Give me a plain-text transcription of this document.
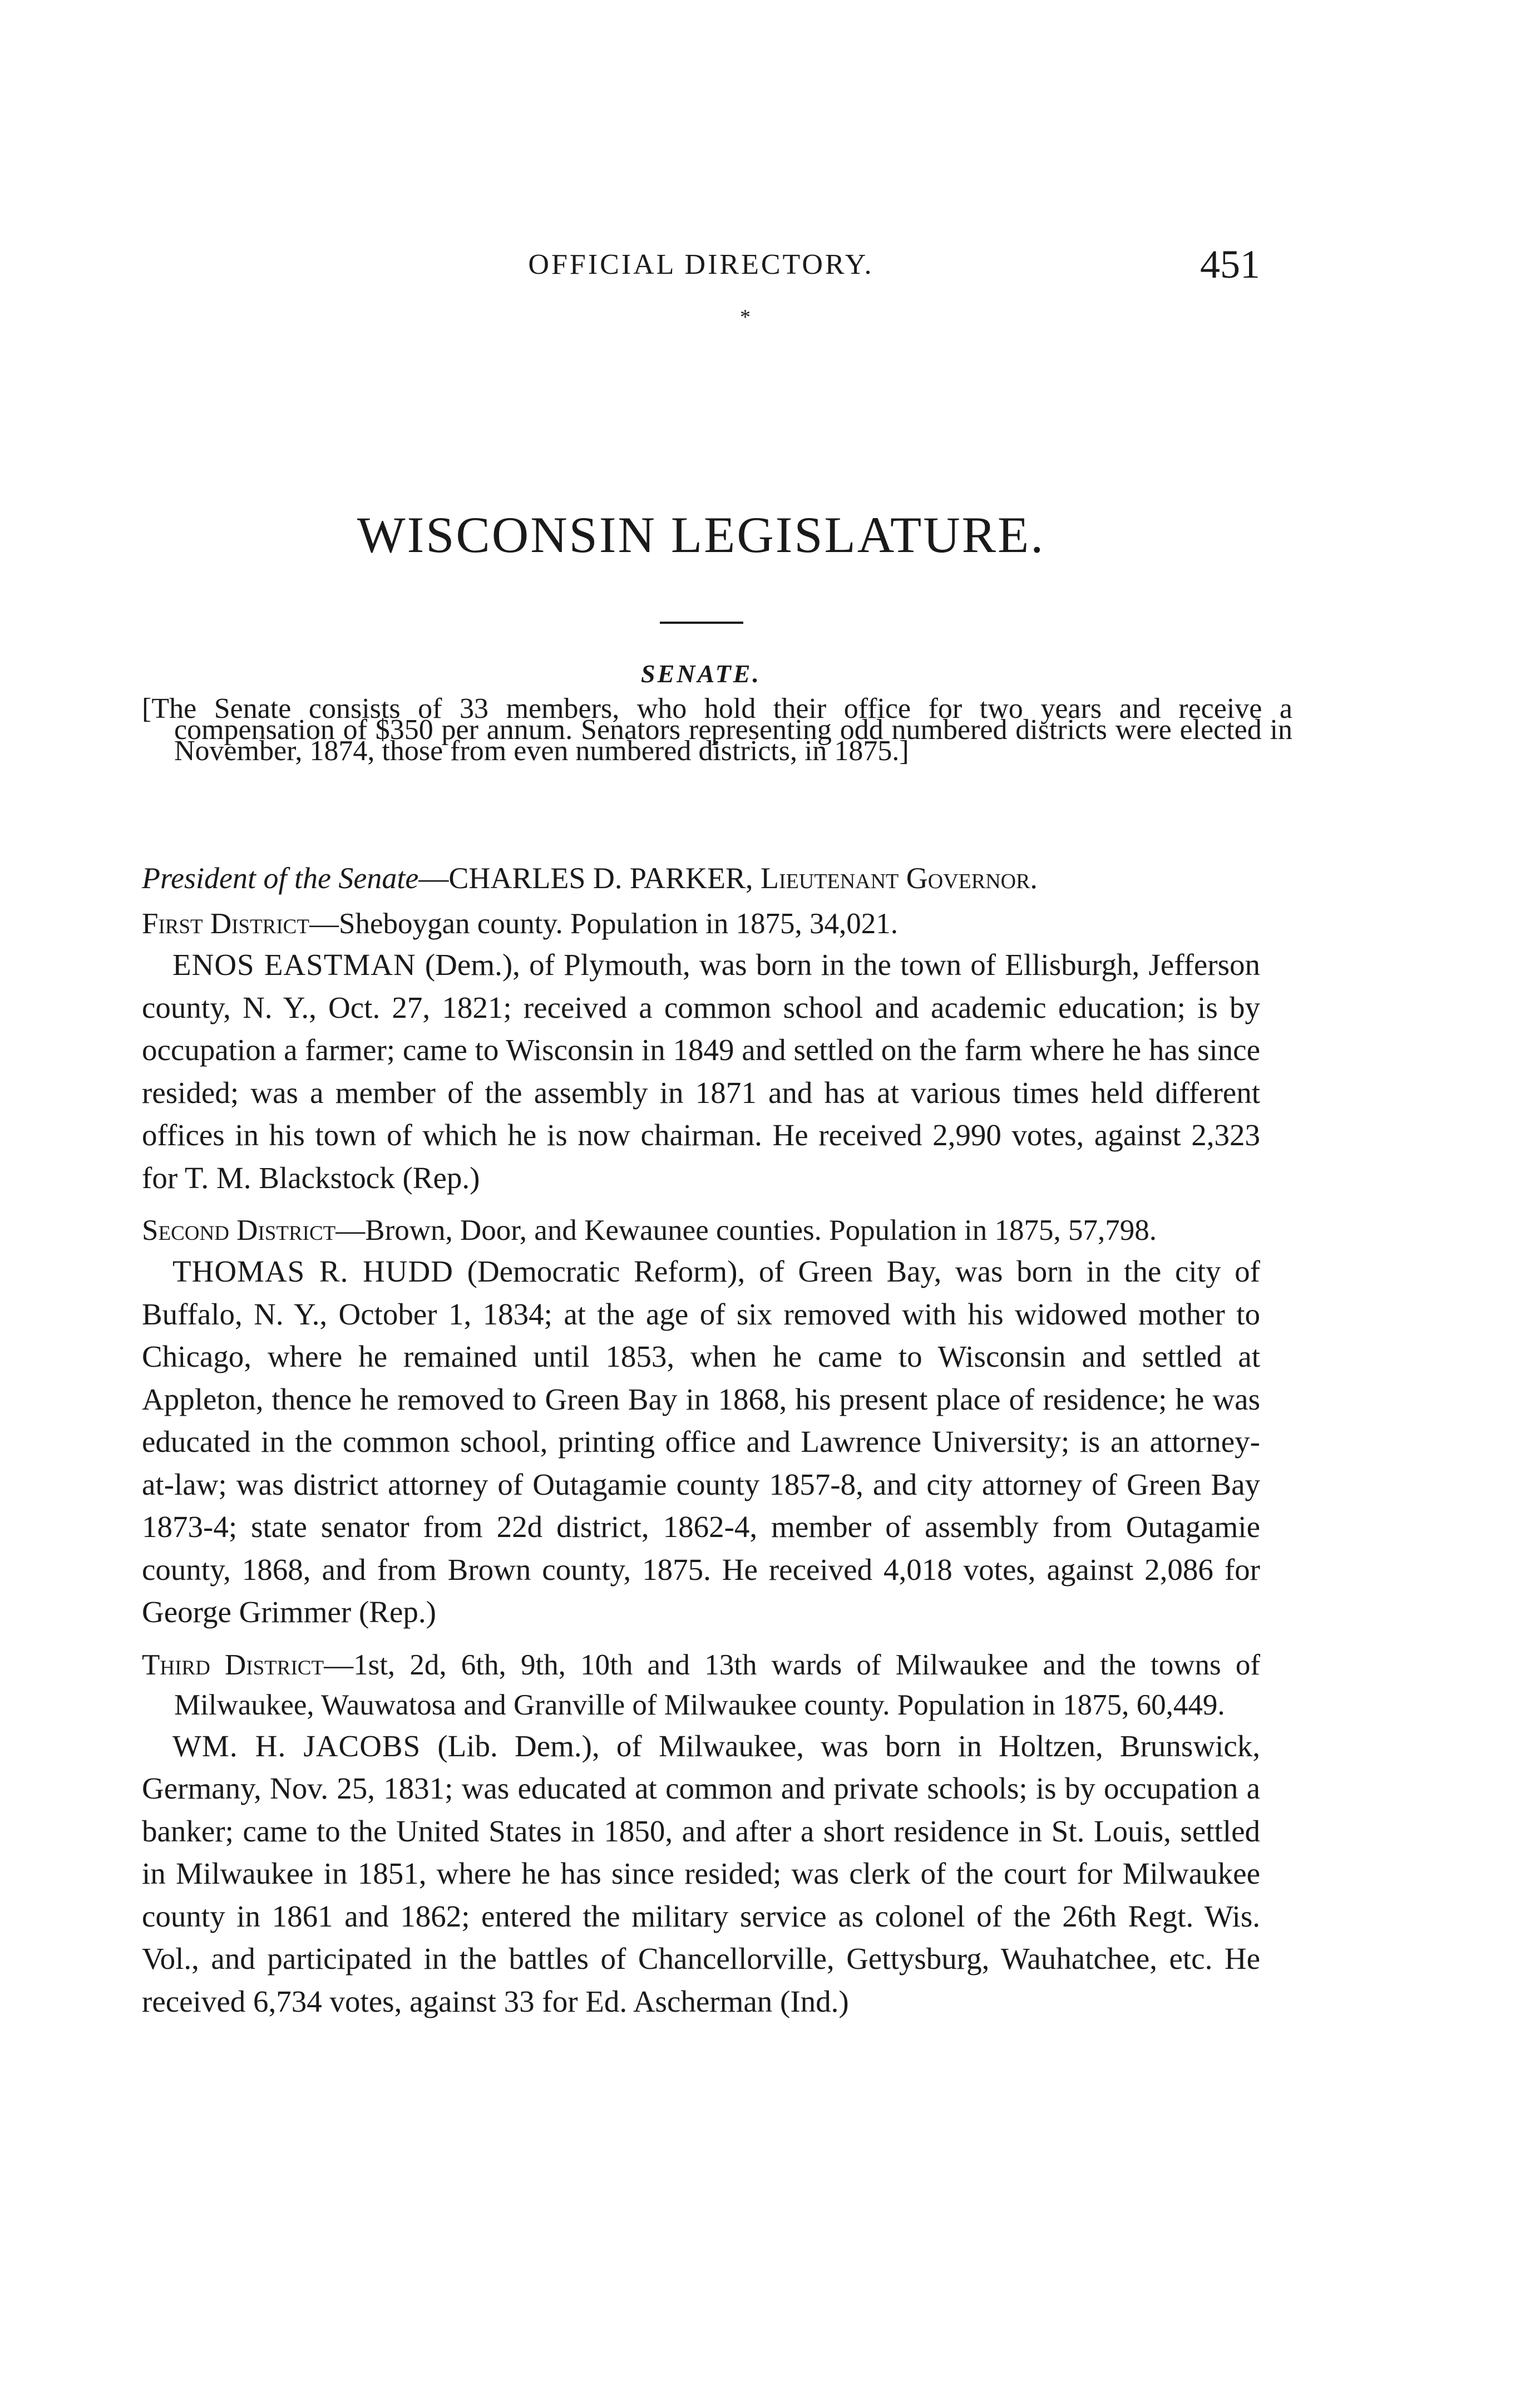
OFFICIAL DIRECTORY.	451
*
WISCONSIN LEGISLATURE.
SENATE.

[The Senate consists of 33 members, who hold their office for two years and receive a compensation of $350 per annum. Senators representing odd numbered districts were elected in November, 1874, those from even numbered districts, in 1875.]

President of the Senate—CHARLES D. PARKER, Lieutenant Governor.

First District—Sheboygan county. Population in 1875, 34,021.

ENOS EASTMAN (Dem.), of Plymouth, was born in the town of Ellisburgh, Jefferson county, N. Y., Oct. 27, 1821; received a common school and academic education; is by occupation a farmer; came to Wisconsin in 1849 and settled on the farm where he has since resided; was a member of the assembly in 1871 and has at various times held different offices in his town of which he is now chairman. He received 2,990 votes, against 2,323 for T. M. Blackstock (Rep.)

Second District—Brown, Door, and Kewaunee counties. Population in 1875, 57,798.

THOMAS R. HUDD (Democratic Reform), of Green Bay, was born in the city of Buffalo, N. Y., October 1, 1834; at the age of six removed with his widowed mother to Chicago, where he remained until 1853, when he came to Wisconsin and settled at Appleton, thence he removed to Green Bay in 1868, his present place of residence; he was educated in the common school, printing office and Lawrence University; is an attorney-at-law; was district attorney of Outagamie county 1857-8, and city attorney of Green Bay 1873-4; state senator from 22d district, 1862-4, member of assembly from Outagamie county, 1868, and from Brown county, 1875. He received 4,018 votes, against 2,086 for George Grimmer (Rep.)

Third District—1st, 2d, 6th, 9th, 10th and 13th wards of Milwaukee and the towns of Milwaukee, Wauwatosa and Granville of Milwaukee county. Population in 1875, 60,449.

WM. H. JACOBS (Lib. Dem.), of Milwaukee, was born in Holtzen, Brunswick, Germany, Nov. 25, 1831; was educated at common and private schools; is by occupation a banker; came to the United States in 1850, and after a short residence in St. Louis, settled in Milwaukee in 1851, where he has since resided; was clerk of the court for Milwaukee county in 1861 and 1862; entered the military service as colonel of the 26th Regt. Wis. Vol., and participated in the battles of Chancellorville, Gettysburg, Wauhatchee, etc. He received 6,734 votes, against 33 for Ed. Ascherman (Ind.)
